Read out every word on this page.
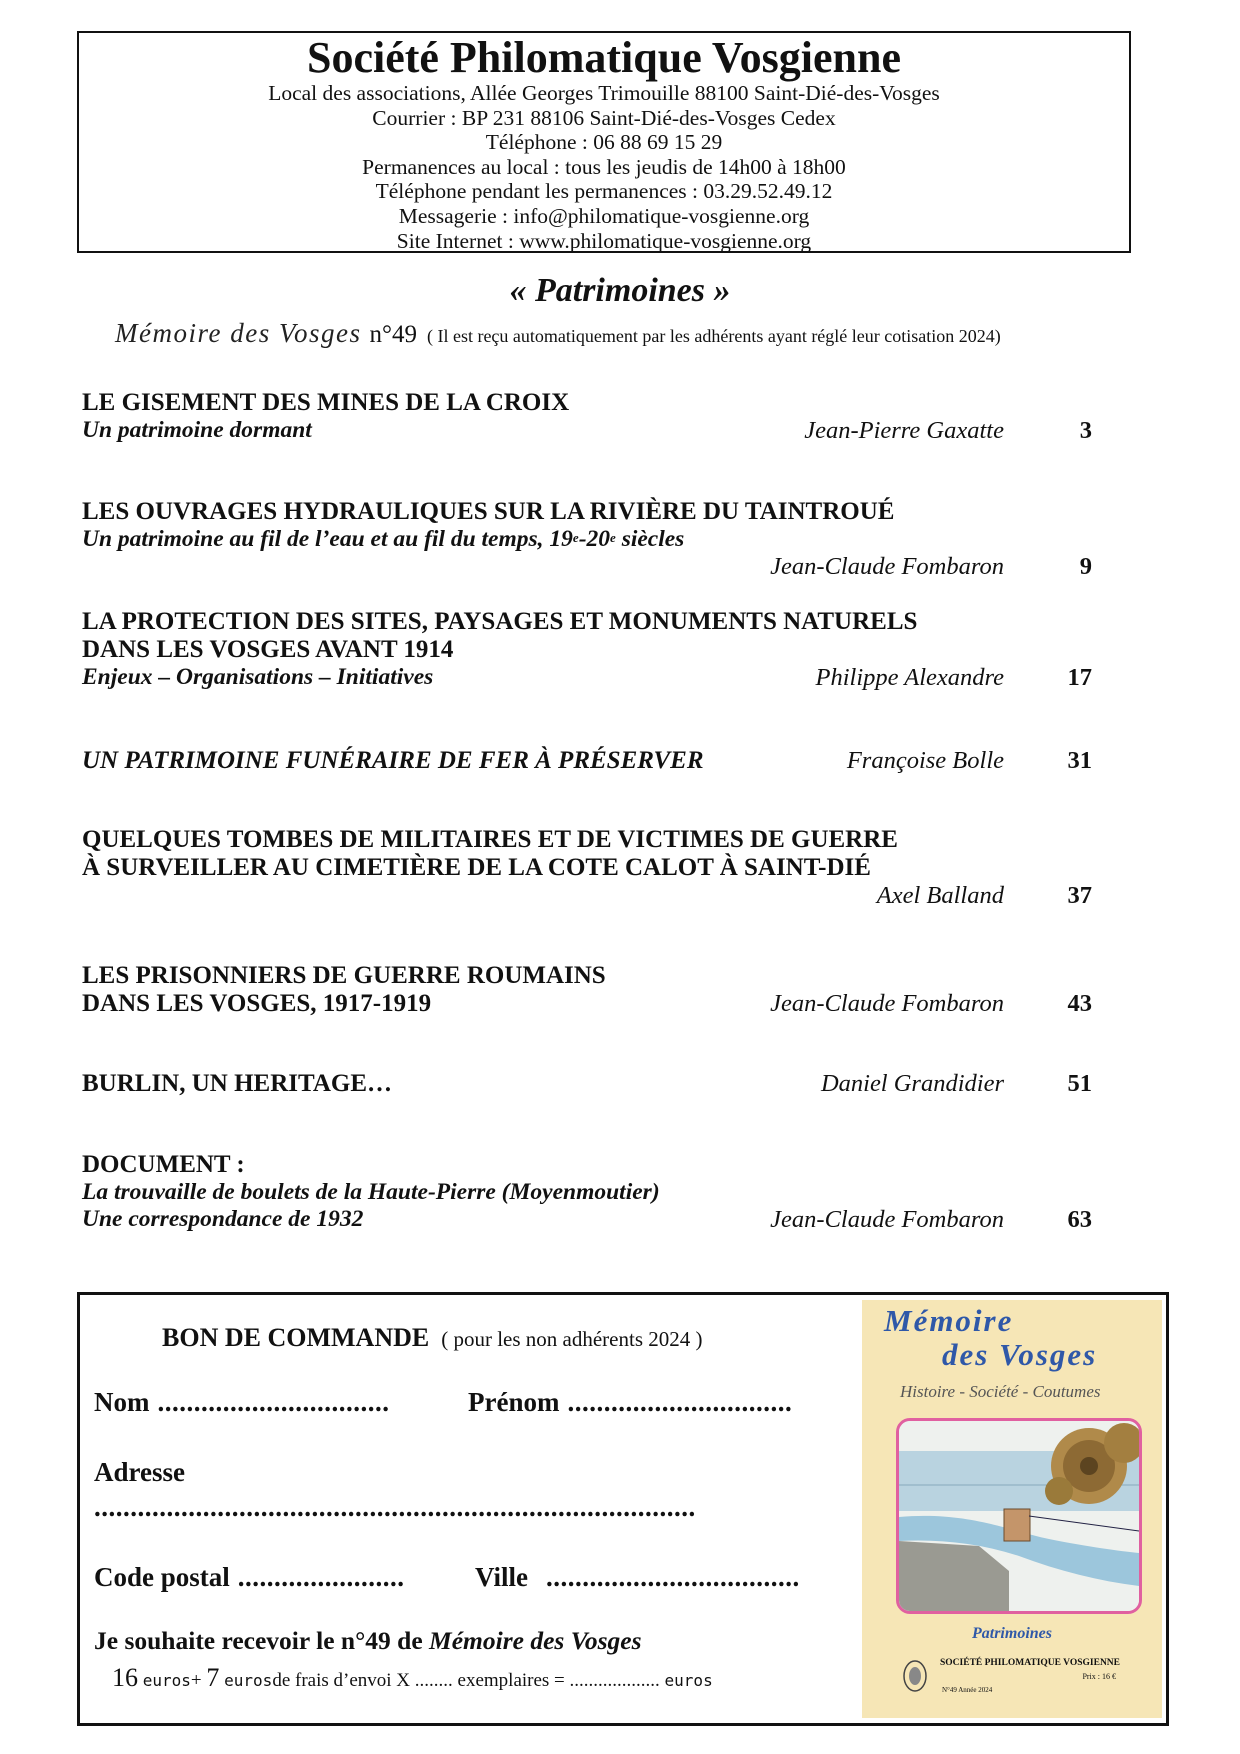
Société Philomatique Vosgienne
Local des associations, Allée Georges Trimouille 88100 Saint-Dié-des-Vosges
Courrier : BP 231 88106 Saint-Dié-des-Vosges Cedex
Téléphone : 06 88 69 15 29
Permanences au local : tous les jeudis de 14h00 à 18h00
Téléphone pendant les permanences : 03.29.52.49.12
Messagerie : info@philomatique-vosgienne.org
Site Internet : www.philomatique-vosgienne.org
« Patrimoines »
Mémoire des Vosges n°49 ( Il est reçu automatiquement par les adhérents ayant réglé leur cotisation 2024)
LE GISEMENT DES MINES DE LA CROIX
Un patrimoine dormant	Jean-Pierre Gaxatte	3
LES OUVRAGES HYDRAULIQUES SUR LA RIVIÈRE DU TAINTROUÉ
Un patrimoine au fil de l’eau et au fil du temps, 19e-20e siècles
Jean-Claude Fombaron	9
LA PROTECTION DES SITES, PAYSAGES ET MONUMENTS NATURELS
DANS LES VOSGES AVANT 1914
Enjeux – Organisations – Initiatives	Philippe Alexandre	17
UN PATRIMOINE FUNÉRAIRE DE FER À PRÉSERVER	Françoise Bolle	31
QUELQUES TOMBES DE MILITAIRES ET DE VICTIMES DE GUERRE
À SURVEILLER AU CIMETIÈRE DE LA COTE CALOT À SAINT-DIÉ
Axel Balland	37
LES PRISONNIERS DE GUERRE ROUMAINS
DANS LES VOSGES, 1917-1919	Jean-Claude Fombaron	43
BURLIN, UN HERITAGE…	Daniel Grandidier	51
DOCUMENT :
La trouvaille de boulets de la Haute-Pierre (Moyenmoutier)
Une correspondance de 1932	Jean-Claude Fombaron	63
BON DE COMMANDE ( pour les non adhérents 2024 )
Nom ................................	Prénom ...............................
Adresse
...................................................................................
Code postal .......................	Ville ...................................
Je souhaite recevoir le n°49 de Mémoire des Vosges
16 euros+ 7 eurosde frais d’envoi X ........ exemplaires = ................... euros
Mémoire
des Vosges
Histoire - Société - Coutumes
Patrimoines
SOCIÉTÉ PHILOMATIQUE VOSGIENNE
N°49 Année 2024
Prix : 16 €
